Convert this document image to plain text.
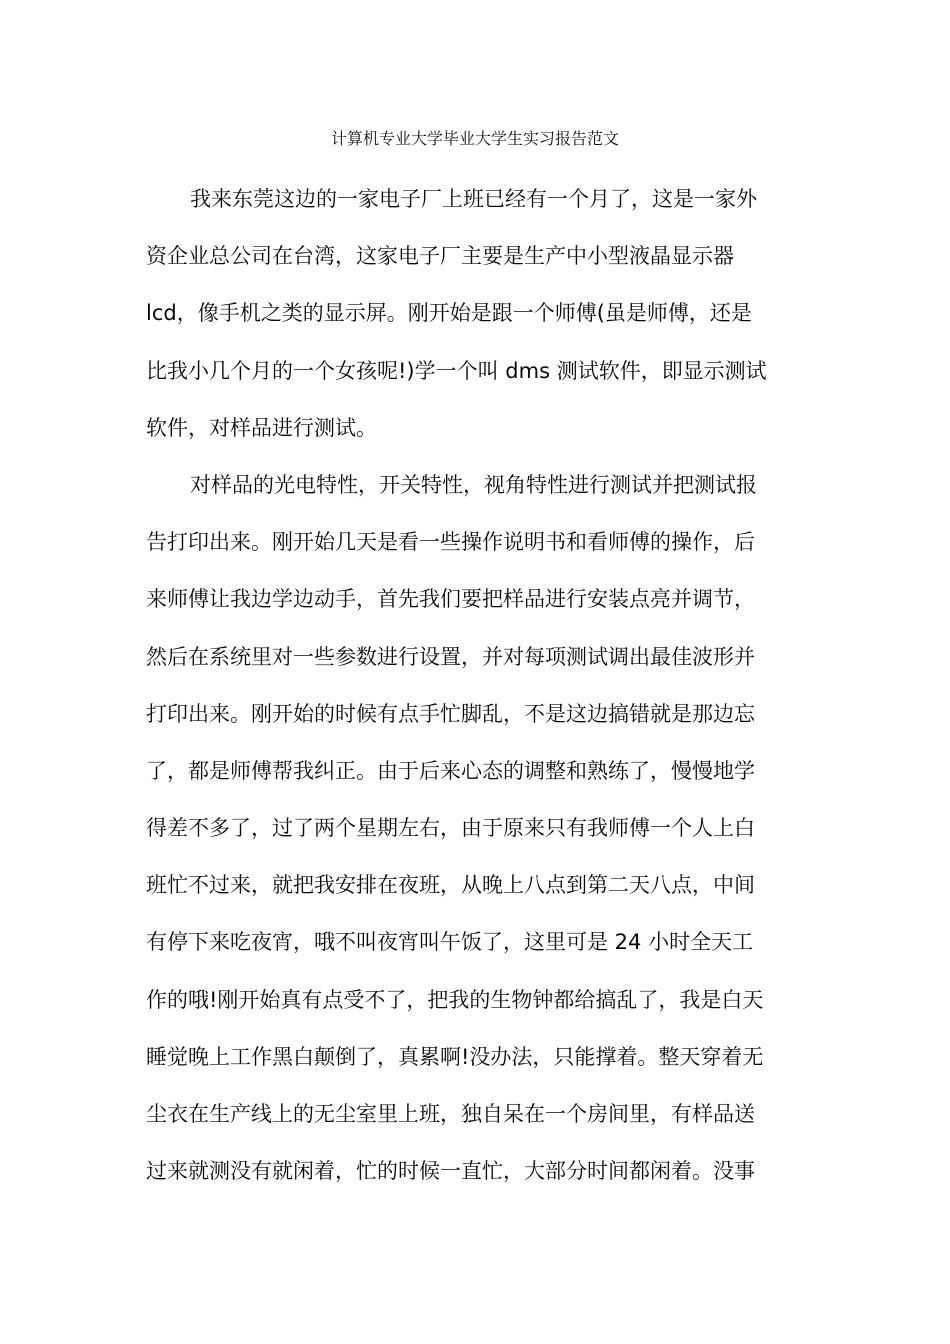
计算机专业大学毕业大学生实习报告范文
我来东莞这边的一家电子厂上班已经有一个月了，这是一家外
资企业总公司在台湾，这家电子厂主要是生产中小型液晶显示器
lcd，像手机之类的显示屏。刚开始是跟一个师傅(虽是师傅，还是
比我小几个月的一个女孩呢!)学一个叫 dms 测试软件，即显示测试
软件，对样品进行测试。
对样品的光电特性，开关特性，视角特性进行测试并把测试报
告打印出来。刚开始几天是看一些操作说明书和看师傅的操作，后
来师傅让我边学边动手，首先我们要把样品进行安装点亮并调节，
然后在系统里对一些参数进行设置，并对每项测试调出最佳波形并
打印出来。刚开始的时候有点手忙脚乱，不是这边搞错就是那边忘
了，都是师傅帮我纠正。由于后来心态的调整和熟练了，慢慢地学
得差不多了，过了两个星期左右，由于原来只有我师傅一个人上白
班忙不过来，就把我安排在夜班，从晚上八点到第二天八点，中间
有停下来吃夜宵，哦不叫夜宵叫午饭了，这里可是 24 小时全天工
作的哦!刚开始真有点受不了，把我的生物钟都给搞乱了，我是白天
睡觉晚上工作黑白颠倒了，真累啊!没办法，只能撑着。整天穿着无
尘衣在生产线上的无尘室里上班，独自呆在一个房间里，有样品送
过来就测没有就闲着，忙的时候一直忙，大部分时间都闲着。没事
